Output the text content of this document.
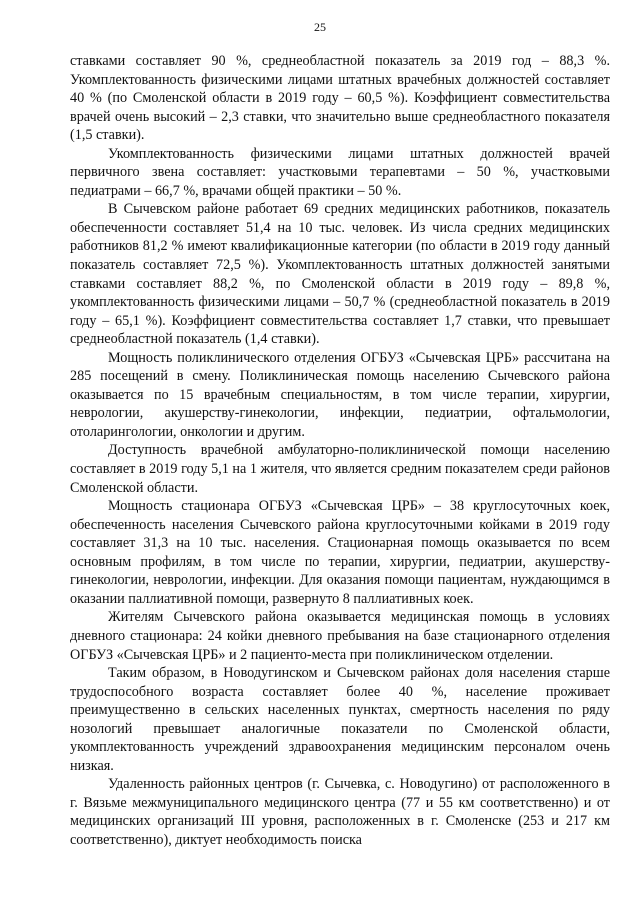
25

ставками составляет 90 %, среднеобластной показатель за 2019 год – 88,3 %. Укомплектованность физическими лицами штатных врачебных должностей составляет 40 % (по Смоленской области в 2019 году – 60,5 %). Коэффициент совместительства врачей очень высокий – 2,3 ставки, что значительно выше среднеобластного показателя (1,5 ставки).

Укомплектованность физическими лицами штатных должностей врачей первичного звена составляет: участковыми терапевтами – 50 %, участковыми педиатрами – 66,7 %, врачами общей практики – 50 %.

В Сычевском районе работает 69 средних медицинских работников, показатель обеспеченности составляет 51,4 на 10 тыс. человек. Из числа средних медицинских работников 81,2 % имеют квалификационные категории (по области в 2019 году данный показатель составляет 72,5 %). Укомплектованность штатных должностей занятыми ставками составляет 88,2 %, по Смоленской области в 2019 году – 89,8 %, укомплектованность физическими лицами – 50,7 % (среднеобластной показатель в 2019 году – 65,1 %). Коэффициент совместительства составляет 1,7 ставки, что превышает среднеобластной показатель (1,4 ставки).

Мощность поликлинического отделения ОГБУЗ «Сычевская ЦРБ» рассчитана на 285 посещений в смену. Поликлиническая помощь населению Сычевского района оказывается по 15 врачебным специальностям, в том числе терапии, хирургии, неврологии, акушерству-гинекологии, инфекции, педиатрии, офтальмологии, отоларингологии, онкологии и другим.

Доступность врачебной амбулаторно-поликлинической помощи населению составляет в 2019 году 5,1 на 1 жителя, что является средним показателем среди районов Смоленской области.

Мощность стационара ОГБУЗ «Сычевская ЦРБ» – 38 круглосуточных коек, обеспеченность населения Сычевского района круглосуточными койками в 2019 году составляет 31,3 на 10 тыс. населения. Стационарная помощь оказывается по всем основным профилям, в том числе по терапии, хирургии, педиатрии, акушерству-гинекологии, неврологии, инфекции. Для оказания помощи пациентам, нуждающимся в оказании паллиативной помощи, развернуто 8 паллиативных коек.

Жителям Сычевского района оказывается медицинская помощь в условиях дневного стационара: 24 койки дневного пребывания на базе стационарного отделения ОГБУЗ «Сычевская ЦРБ» и 2 пациенто-места при поликлиническом отделении.

Таким образом, в Новодугинском и Сычевском районах доля населения старше трудоспособного возраста составляет более 40 %, население проживает преимущественно в сельских населенных пунктах, смертность населения по ряду нозологий превышает аналогичные показатели по Смоленской области, укомплектованность учреждений здравоохранения медицинским персоналом очень низкая.

Удаленность районных центров (г. Сычевка, с. Новодугино) от расположенного в г. Вязьме межмуниципального медицинского центра (77 и 55 км соответственно) и от медицинских организаций III уровня, расположенных в г. Смоленске (253 и 217 км соответственно), диктует необходимость поиска
